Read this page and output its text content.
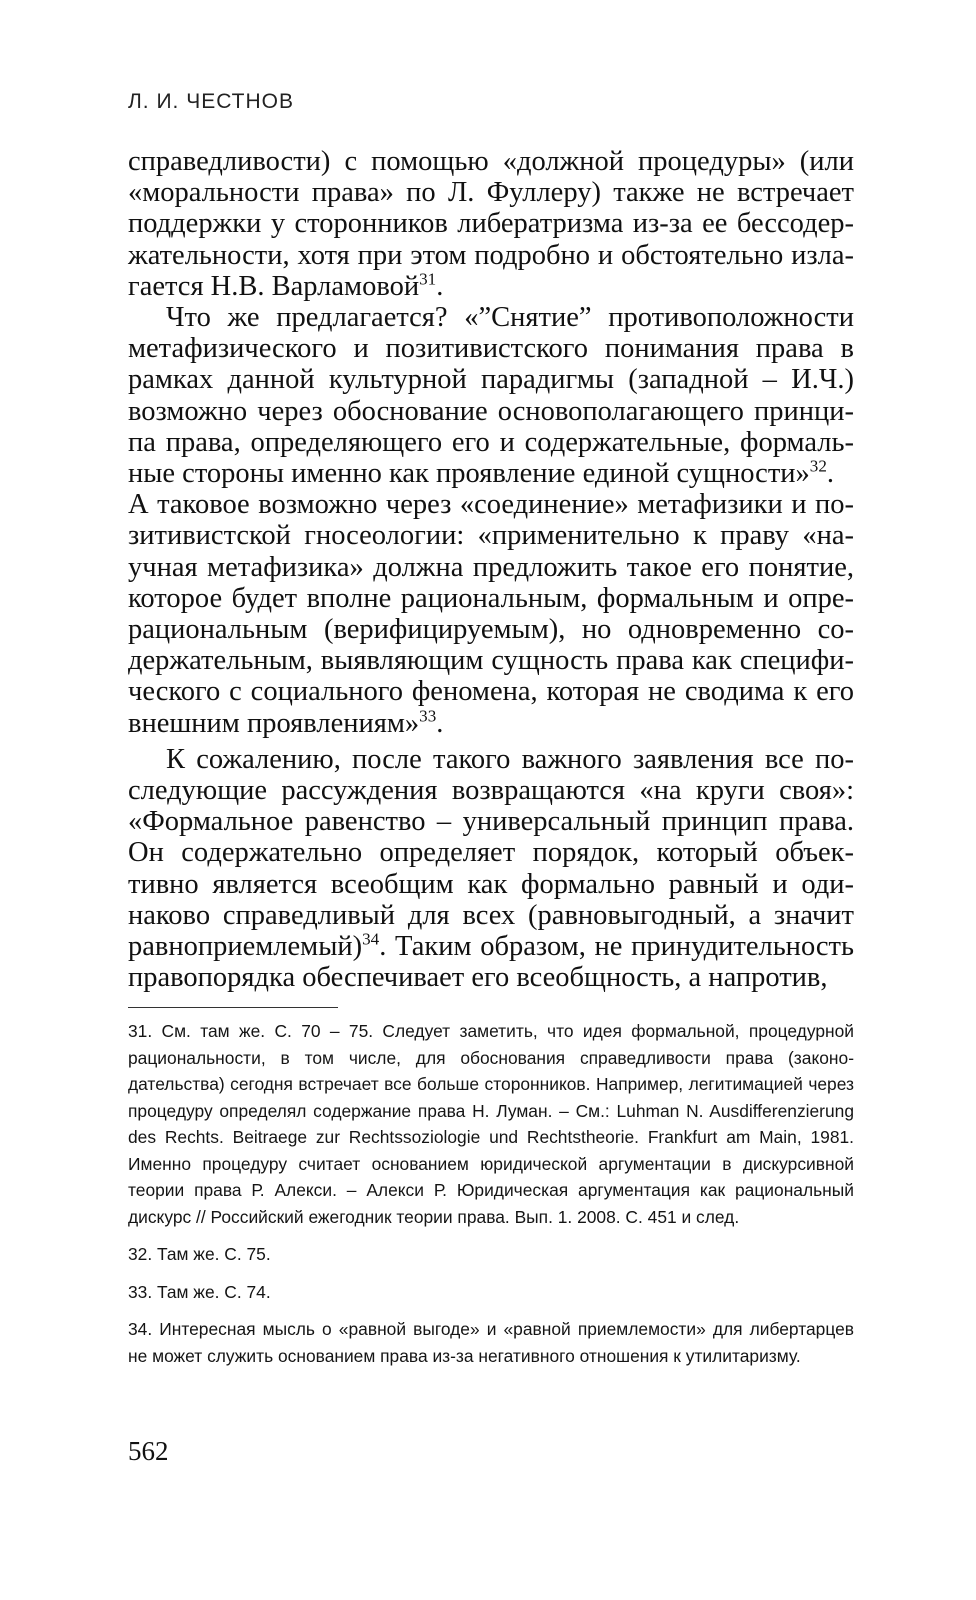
Л. И. ЧЕСТНОВ

справедливости) с помощью «должной процедуры» (или «моральности права» по Л. Фуллеру) также не встречает поддержки у сторонников либератризма из-за ее бессодержательности, хотя при этом подробно и обстоятельно излагается Н.В. Варламовой$^{31}$.

Что же предлагается? «”Снятие” противоположности метафизического и позитивистского понимания права в рамках данной культурной парадигмы (западной – И.Ч.) возможно через обоснование основополагающего принципа права, определяющего его и содержательные, формальные стороны именно как проявление единой сущности»$^{32}$.

А таковое возможно через «соединение» метафизики и позитивистской гносеологии: «применительно к праву «научная метафизика» должна предложить такое его понятие, которое будет вполне рациональным, формальным и опрерациональным (верифицируемым), но одновременно содержательным, выявляющим сущность права как специфического с социального феномена, которая не сводима к его внешним проявлениям»$^{33}$.

К сожалению, после такого важного заявления все последующие рассуждения возвращаются «на круги своя»: «Формальное равенство – универсальный принцип права. Он содержательно определяет порядок, который объективно является всеобщим как формально равный и одинаково справедливый для всех (равновыгодный, а значит равноприемлемый)$^{34}$. Таким образом, не принудительность правопорядка обеспечивает его всеобщность, а напротив,

31. См. там же. С. 70 – 75. Следует заметить, что идея формальной, процедурной рациональности, в том числе, для обоснования справедливости права (законодательства) сегодня встречает все больше сторонников. Например, легитимацией через процедуру определял содержание права Н. Луман. – См.: Luhman N. Ausdifferenzierung des Rechts. Beitraege zur Rechtssoziologie und Rechtstheorie. Frankfurt am Main, 1981. Именно процедуру считает основанием юридической аргументации в дискурсивной теории права Р. Алекси. – Алекси Р. Юридическая аргументация как рациональный дискурс // Российский ежегодник теории права. Вып. 1. 2008. С. 451 и след.

32. Там же. С. 75.

33. Там же. С. 74.

34. Интересная мысль о «равной выгоде» и «равной приемлемости» для либертарцев не может служить основанием права из-за негативного отношения к утилитаризму.

562
